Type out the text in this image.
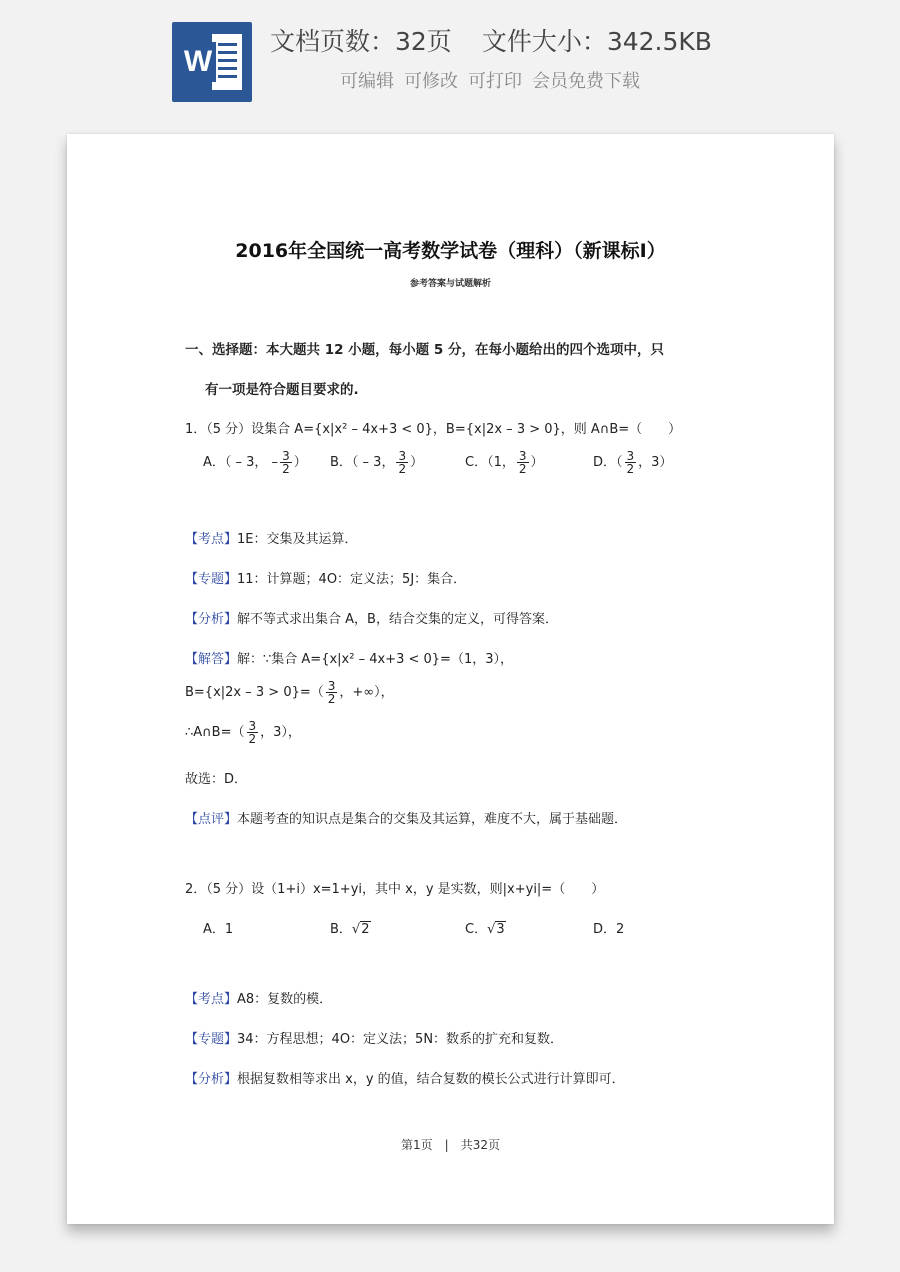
W
文档页数：32页 文件大小：342.5KB
可编辑 可修改 可打印 会员免费下载
2016年全国统一高考数学试卷（理科）（新课标Ⅰ）
参考答案与试题解析
一、选择题：本大题共 12 小题，每小题 5 分，在每小题给出的四个选项中，只
有一项是符合题目要求的.
1．（5 分）设集合 A={x|x² – 4x+3 < 0}，B={x|2x – 3 > 0}，则 A∩B=（　　）
A．（ – 3， – $\frac{3}{2}$ ） B．（ – 3， $\frac{3}{2}$ ）	C．（1， $\frac{3}{2}$ ）	D．（ $\frac{3}{2}$ ，3）
【考点】1E：交集及其运算．
【专题】11：计算题；4O：定义法；5J：集合．
【分析】解不等式求出集合 A，B，结合交集的定义，可得答案．
【解答】解：∵集合 A={x|x² – 4x+3 < 0}=（1，3），
$B=\{x|2x - 3 > 0\}=( \frac{3}{2}$ ，+∞），
∴A∩B=（ $\frac{3}{2}$ ，3），
故选：D．
【点评】本题考查的知识点是集合的交集及其运算，难度不大，属于基础题．
2．（5 分）设（1+i）x=1+yi，其中 x，y 是实数，则|x+yi|=（　　）
A．1	B．√2	C．√3	D．2
【考点】A8：复数的模．
【专题】34：方程思想；4O：定义法；5N：数系的扩充和复数．
【分析】根据复数相等求出 x，y 的值，结合复数的模长公式进行计算即可．
第1页　|　共32页
